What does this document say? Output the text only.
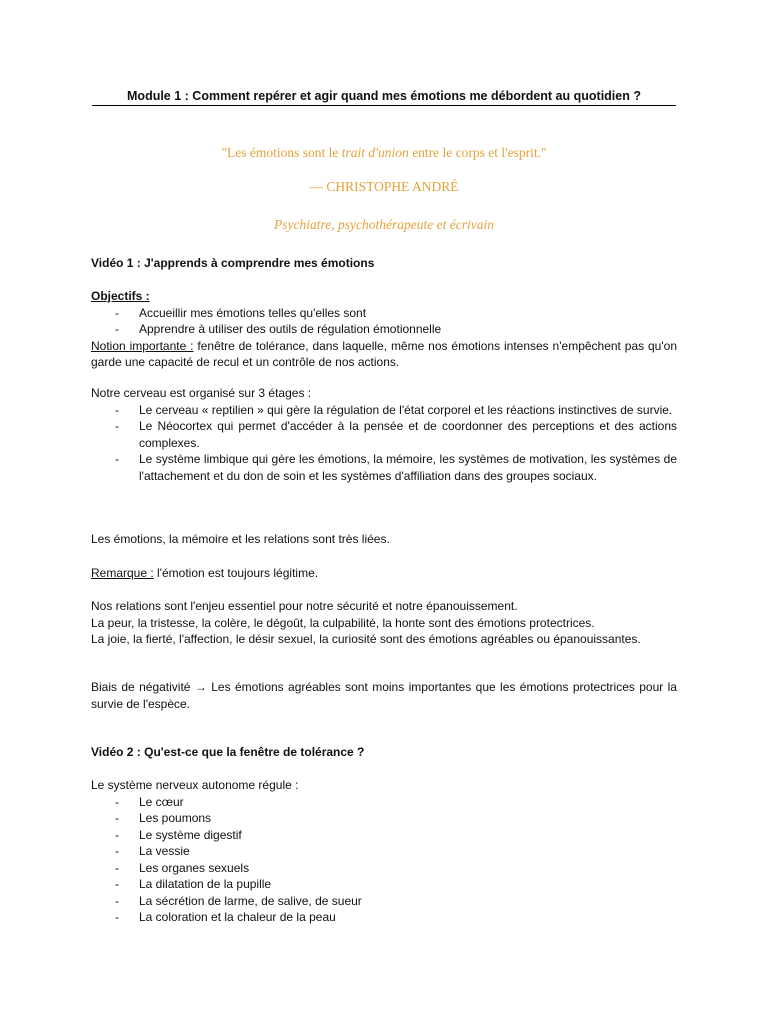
Module 1 : Comment repérer et agir quand mes émotions me débordent au quotidien ?
"Les émotions sont le trait d'union entre le corps et l'esprit."
— CHRISTOPHE ANDRÉ
Psychiatre, psychothérapeute et écrivain
Vidéo 1 : J'apprends à comprendre mes émotions
Objectifs :
- Accueillir mes émotions telles qu'elles sont
- Apprendre à utiliser des outils de régulation émotionnelle
Notion importante : fenêtre de tolérance, dans laquelle, même nos émotions intenses n'empêchent pas qu'on garde une capacité de recul et un contrôle de nos actions.
Notre cerveau est organisé sur 3 étages :
- Le cerveau « reptilien » qui gère la régulation de l'état corporel et les réactions instinctives de survie.
- Le Néocortex qui permet d'accéder à la pensée et de coordonner des perceptions et des actions complexes.
- Le système limbique qui gère les émotions, la mémoire, les systèmes de motivation, les systèmes de l'attachement et du don de soin et les systèmes d'affiliation dans des groupes sociaux.
Les émotions, la mémoire et les relations sont très liées.
Remarque : l'émotion est toujours légitime.
Nos relations sont l'enjeu essentiel pour notre sécurité et notre épanouissement.
La peur, la tristesse, la colère, le dégoût, la culpabilité, la honte sont des émotions protectrices.
La joie, la fierté, l'affection, le désir sexuel, la curiosité sont des émotions agréables ou épanouissantes.
Biais de négativité → Les émotions agréables sont moins importantes que les émotions protectrices pour la survie de l'espèce.
Vidéo 2 : Qu'est-ce que la fenêtre de tolérance ?
Le système nerveux autonome régule :
- Le cœur
- Les poumons
- Le système digestif
- La vessie
- Les organes sexuels
- La dilatation de la pupille
- La sécrétion de larme, de salive, de sueur
- La coloration et la chaleur de la peau
